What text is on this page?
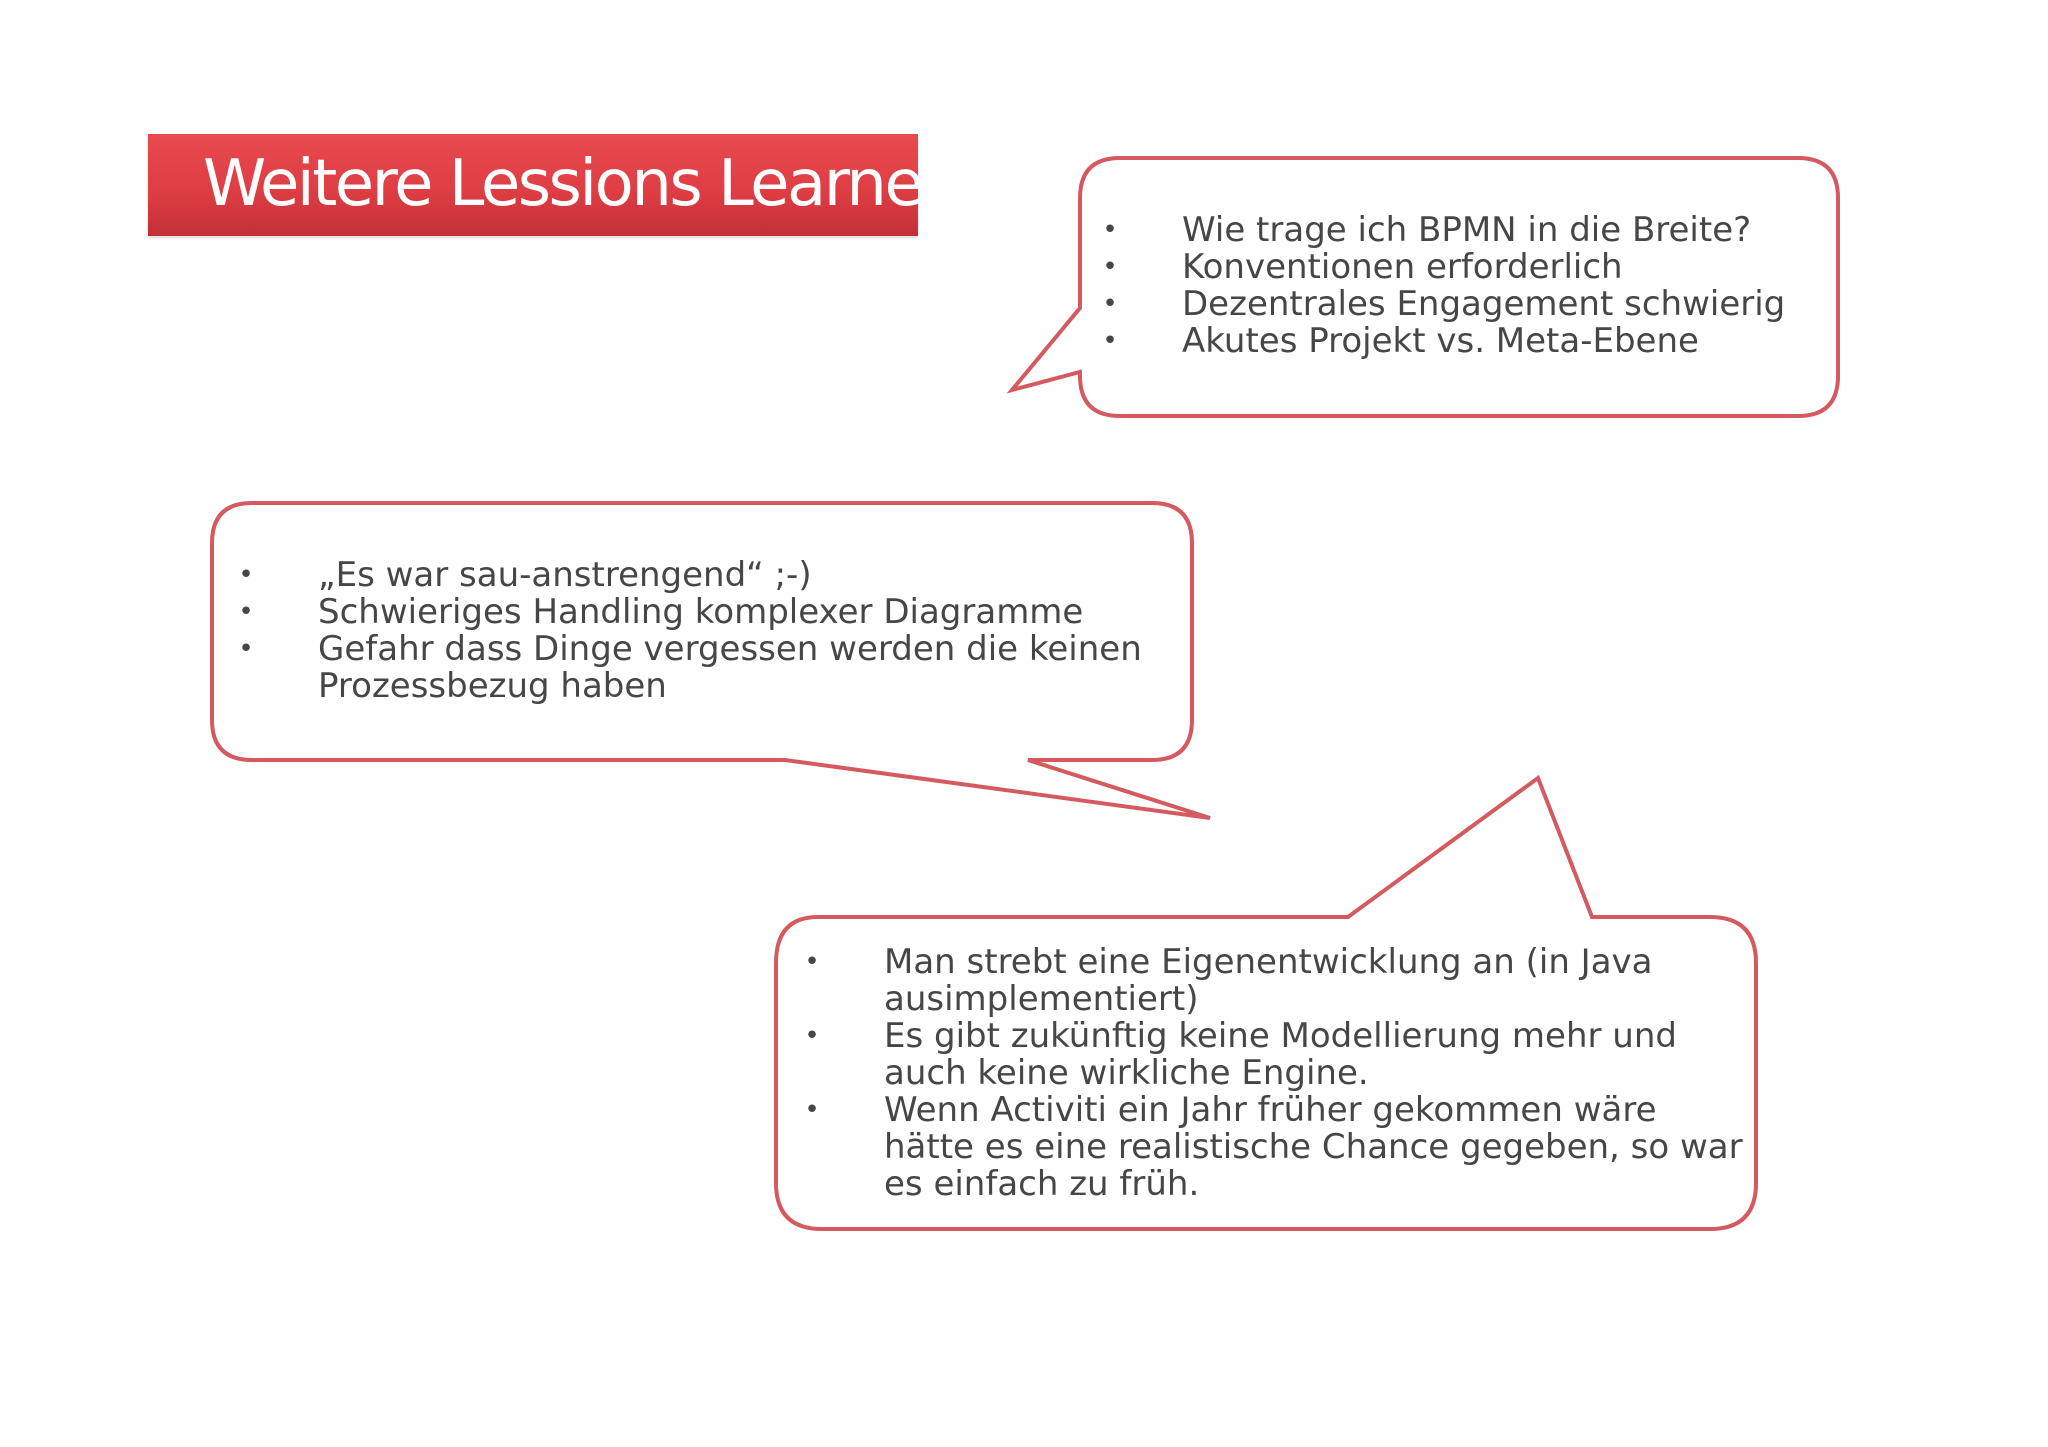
Weitere Lessions Learned
• Wie trage ich BPMN in die Breite?
• Konventionen erforderlich
• Dezentrales Engagement schwierig
• Akutes Projekt vs. Meta-Ebene
• „Es war sau-anstrengend“ ;-)
• Schwieriges Handling komplexer Diagramme
• Gefahr dass Dinge vergessen werden die keinen Prozessbezug haben
• Man strebt eine Eigenentwicklung an (in Java ausimplementiert)
• Es gibt zukünftig keine Modellierung mehr und auch keine wirkliche Engine.
• Wenn Activiti ein Jahr früher gekommen wäre hätte es eine realistische Chance gegeben, so war es einfach zu früh.
